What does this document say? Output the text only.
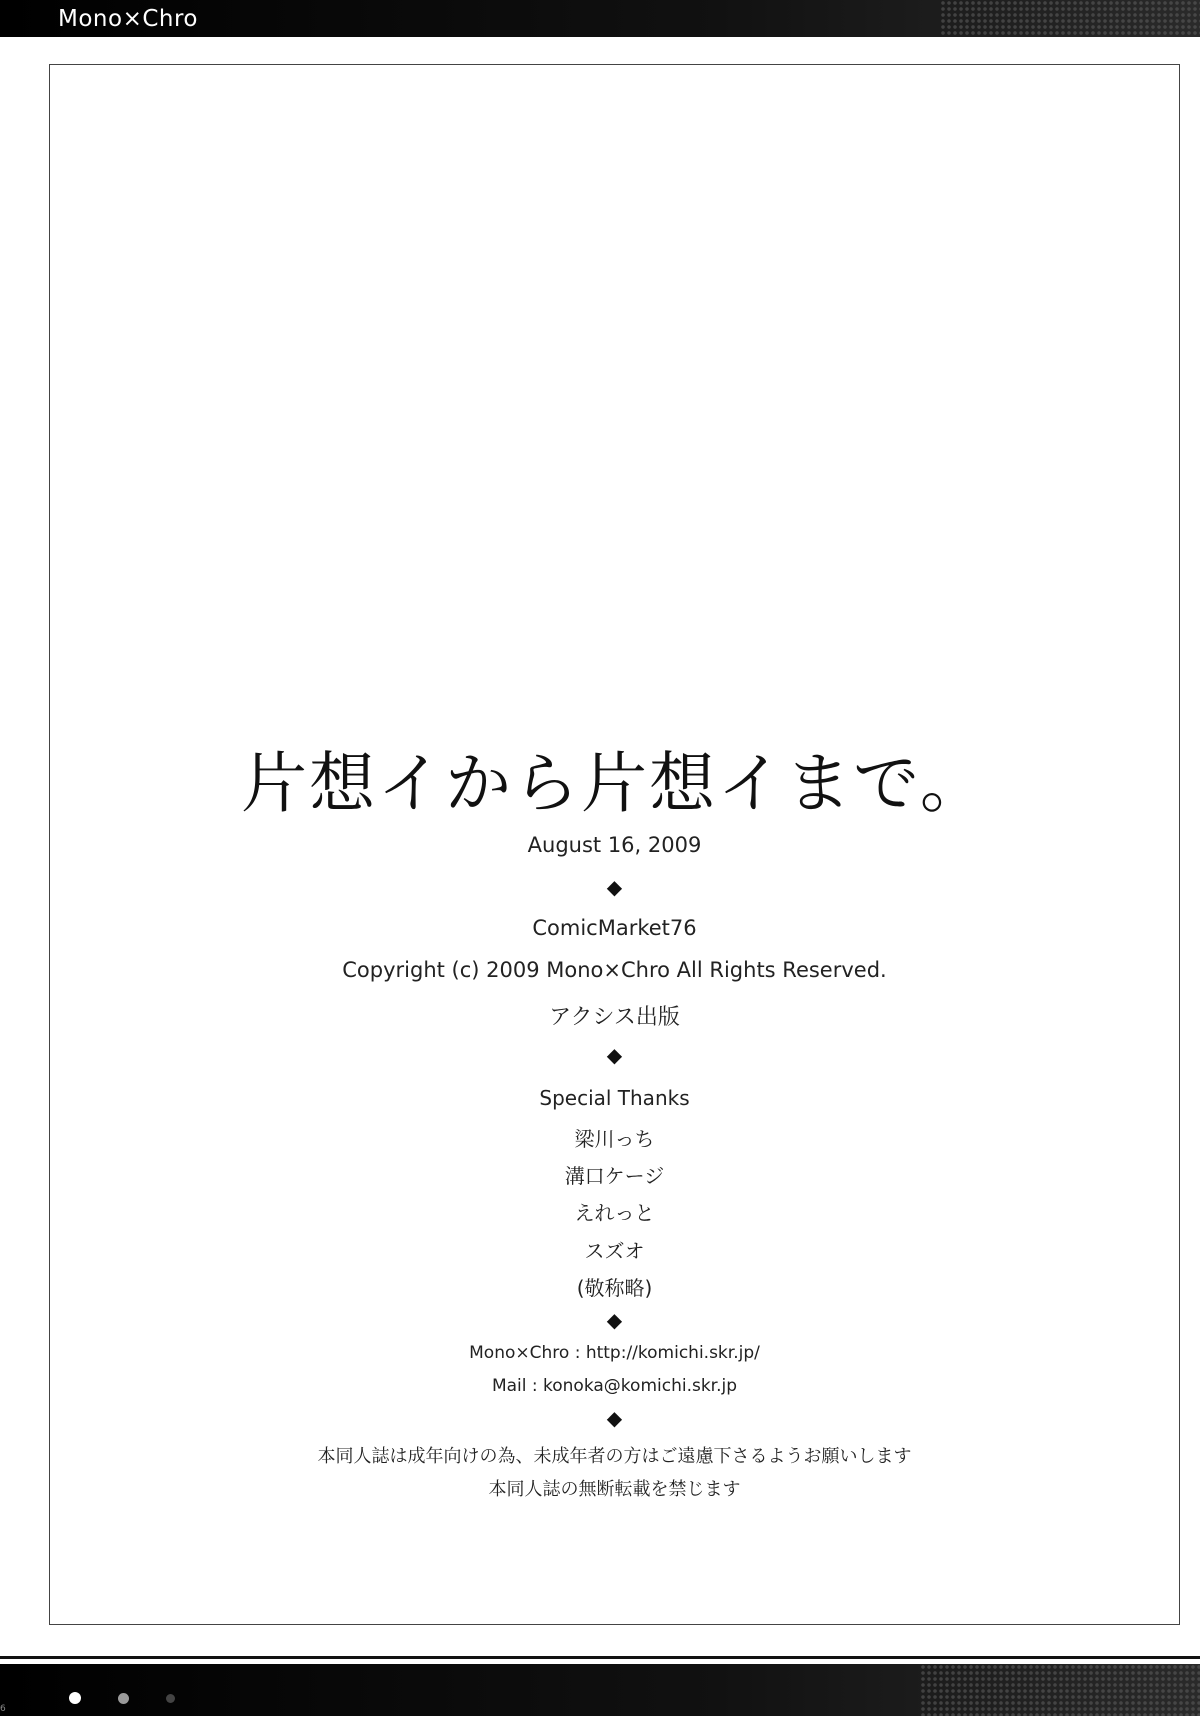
Mono×Chro
片想イから片想イまで。
August 16, 2009
◆
ComicMarket76
Copyright (c) 2009 Mono×Chro All Rights Reserved.
アクシス出版
◆
Special Thanks
梁川っち
溝口ケージ
えれっと
スズオ
(敬称略)
◆
Mono×Chro : http://komichi.skr.jp/
Mail : konoka@komichi.skr.jp
◆
本同人誌は成年向けの為、未成年者の方はご遠慮下さるようお願いします
本同人誌の無断転載を禁じます
6
